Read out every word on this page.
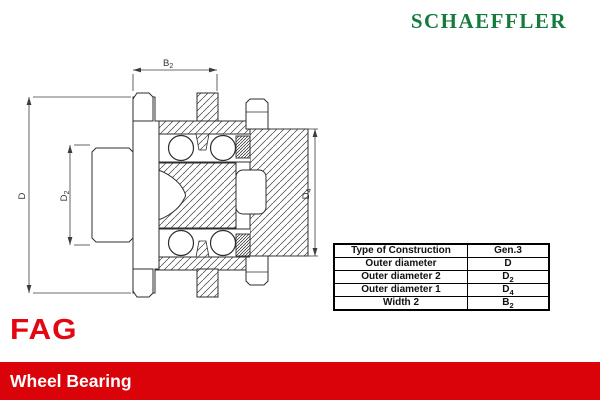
SCHAEFFLER
FAG
$B_2$
D	$D_2$	$D_4$
Type of Construction	Gen.3
Outer diameter	D
Outer diameter 2	$D_2$
Outer diameter 1	$D_4$
Width 2	$B_2$
Wheel Bearing
